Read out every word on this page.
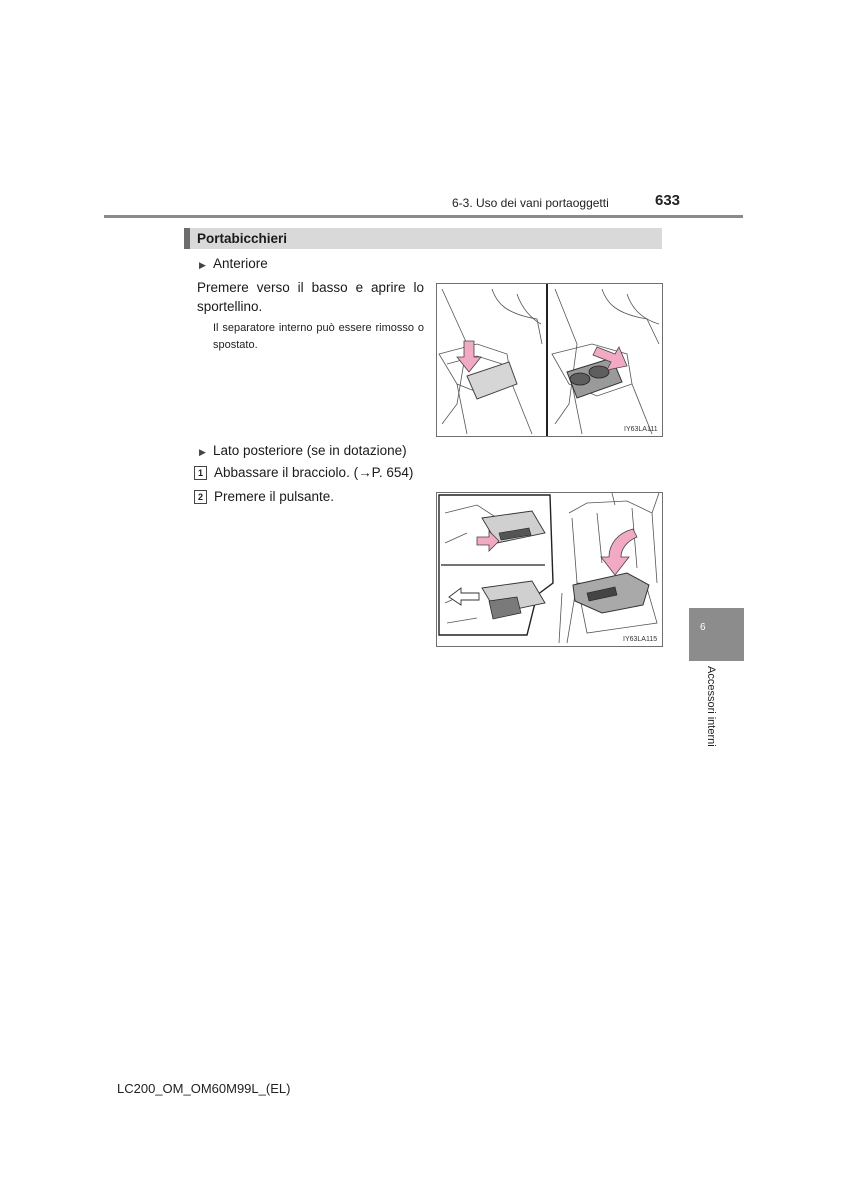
6-3. Uso dei vani portaoggetti	633
Portabicchieri
▶ Anteriore
Premere verso il basso e aprire lo sportellino.
Il separatore interno può essere rimosso o spostato.
IY63LA111
▶ Lato posteriore (se in dotazione)
1 Abbassare il bracciolo. (→P. 654)
2 Premere il pulsante.
IY63LA115
6
Accessori interni
LC200_OM_OM60M99L_(EL)
